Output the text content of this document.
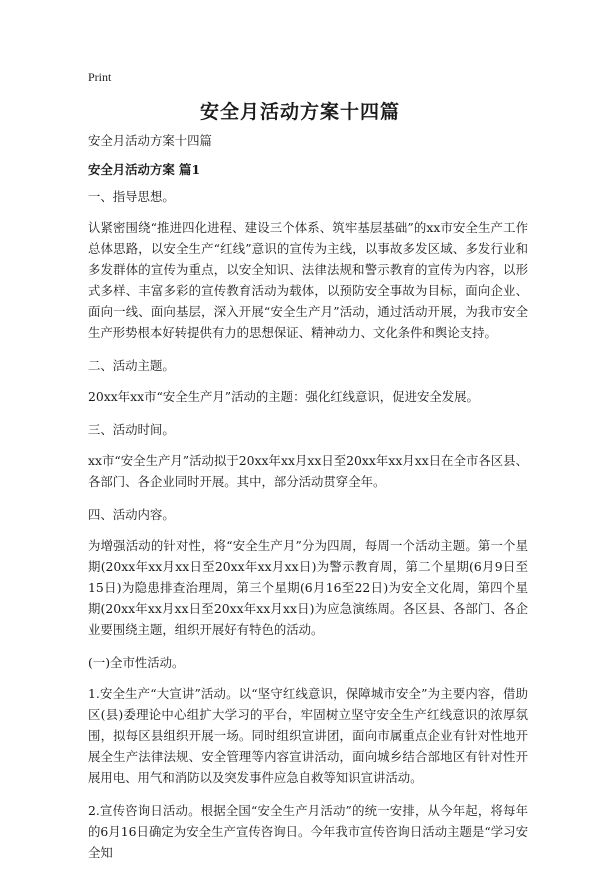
Print
安全月活动方案十四篇

安全月活动方案十四篇

安全月活动方案 篇1

一、指导思想。

认紧密围绕“推进四化进程、建设三个体系、筑牢基层基础”的xx市安全生产工作总体思路，以安全生产“红线”意识的宣传为主线，以事故多发区域、多发行业和多发群体的宣传为重点，以安全知识、法律法规和警示教育的宣传为内容，以形式多样、丰富多彩的宣传教育活动为载体，以预防安全事故为目标，面向企业、面向一线、面向基层，深入开展“安全生产月”活动，通过活动开展，为我市安全生产形势根本好转提供有力的思想保证、精神动力、文化条件和舆论支持。

二、活动主题。

20xx年xx市“安全生产月”活动的主题：强化红线意识，促进安全发展。

三、活动时间。

xx市“安全生产月”活动拟于20xx年xx月xx日至20xx年xx月xx日在全市各区县、各部门、各企业同时开展。其中，部分活动贯穿全年。

四、活动内容。

为增强活动的针对性，将“安全生产月”分为四周，每周一个活动主题。第一个星期(20xx年xx月xx日至20xx年xx月xx日)为警示教育周，第二个星期(6月9日至15日)为隐患排查治理周，第三个星期(6月16至22日)为安全文化周，第四个星期(20xx年xx月xx日至20xx年xx月xx日)为应急演练周。各区县、各部门、各企业要围绕主题，组织开展好有特色的活动。

(一)全市性活动。

1.安全生产“大宣讲”活动。以“坚守红线意识，保障城市安全”为主要内容，借助区(县)委理论中心组扩大学习的平台，牢固树立坚守安全生产红线意识的浓厚氛围，拟每区县组织开展一场。同时组织宣讲团，面向市属重点企业有针对性地开展全生产法律法规、安全管理等内容宣讲活动，面向城乡结合部地区有针对性开展用电、用气和消防以及突发事件应急自救等知识宣讲活动。

2.宣传咨询日活动。根据全国“安全生产月活动”的统一安排，从今年起，将每年的6月16日确定为安全生产宣传咨询日。今年我市宣传咨询日活动主题是“学习安全知
